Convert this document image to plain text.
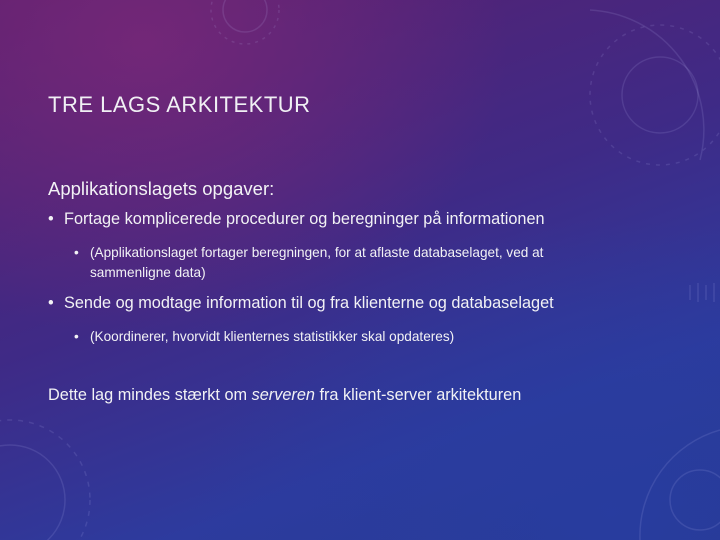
TRE LAGS ARKITEKTUR
Applikationslagets opgaver:
• Fortage komplicerede procedurer og beregninger på informationen
• (Applikationslaget fortager beregningen, for at aflaste databaselaget, ved at sammenligne data)
• Sende og modtage information til og fra klienterne og databaselaget
• (Koordinerer, hvorvidt klienternes statistikker skal opdateres)

Dette lag mindes stærkt om serveren fra klient-server arkitekturen
